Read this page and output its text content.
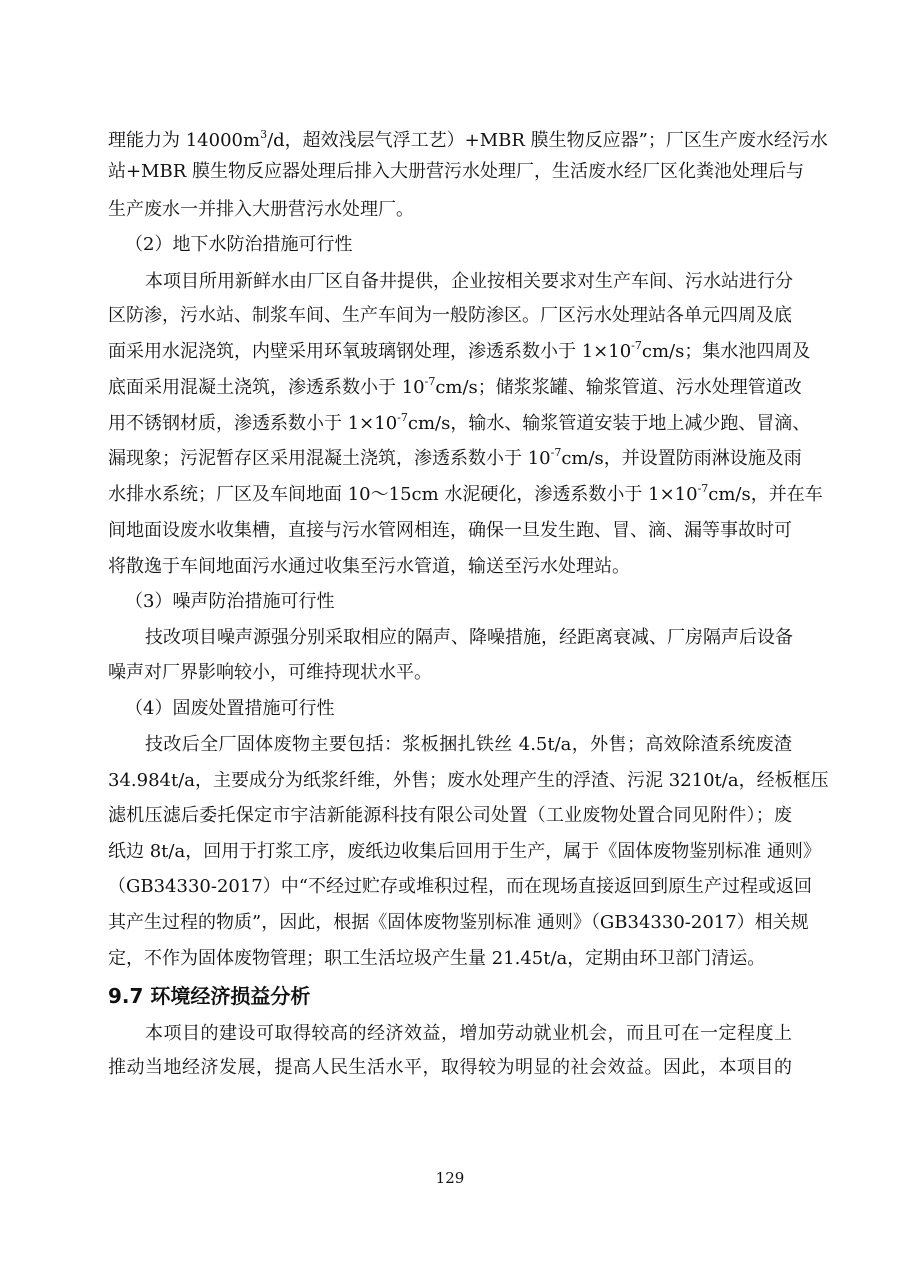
理能力为 $14000m^3/d$，超效浅层气浮工艺）+MBR 膜生物反应器”；厂区生产废水经污水
站+MBR 膜生物反应器处理后排入大册营污水处理厂，生活废水经厂区化粪池处理后与
生产废水一并排入大册营污水处理厂。
（2）地下水防治措施可行性
本项目所用新鲜水由厂区自备井提供，企业按相关要求对生产车间、污水站进行分
区防渗，污水站、制浆车间、生产车间为一般防渗区。厂区污水处理站各单元四周及底
面采用水泥浇筑，内壁采用环氧玻璃钢处理，渗透系数小于 $1\times 10^{-7}cm/s$；集水池四周及
底面采用混凝土浇筑，渗透系数小于 $10^{-7}cm/s$；储浆浆罐、输浆管道、污水处理管道改
用不锈钢材质，渗透系数小于 $1\times 10^{-7}cm/s$，输水、输浆管道安装于地上减少跑、冒滴、
漏现象；污泥暂存区采用混凝土浇筑，渗透系数小于 $10^{-7}cm/s$，并设置防雨淋设施及雨
水排水系统；厂区及车间地面 10～15cm 水泥硬化，渗透系数小于 $1\times 10^{-7}cm/s$，并在车
间地面设废水收集槽，直接与污水管网相连，确保一旦发生跑、冒、滴、漏等事故时可
将散逸于车间地面污水通过收集至污水管道，输送至污水处理站。
（3）噪声防治措施可行性
技改项目噪声源强分别采取相应的隔声、降噪措施，经距离衰减、厂房隔声后设备
噪声对厂界影响较小，可维持现状水平。
（4）固废处置措施可行性
技改后全厂固体废物主要包括：浆板捆扎铁丝 4.5t/a，外售；高效除渣系统废渣
34.984t/a，主要成分为纸浆纤维，外售；废水处理产生的浮渣、污泥 3210t/a，经板框压
滤机压滤后委托保定市宇洁新能源科技有限公司处置（工业废物处置合同见附件）；废
纸边 8t/a，回用于打浆工序，废纸边收集后回用于生产，属于《固体废物鉴别标准 通则》
（GB34330-2017）中“不经过贮存或堆积过程，而在现场直接返回到原生产过程或返回
其产生过程的物质”，因此，根据《固体废物鉴别标准 通则》（GB34330-2017）相关规
定，不作为固体废物管理；职工生活垃圾产生量 21.45t/a，定期由环卫部门清运。
9.7 环境经济损益分析
本项目的建设可取得较高的经济效益，增加劳动就业机会，而且可在一定程度上
推动当地经济发展，提高人民生活水平，取得较为明显的社会效益。因此，本项目的
129
